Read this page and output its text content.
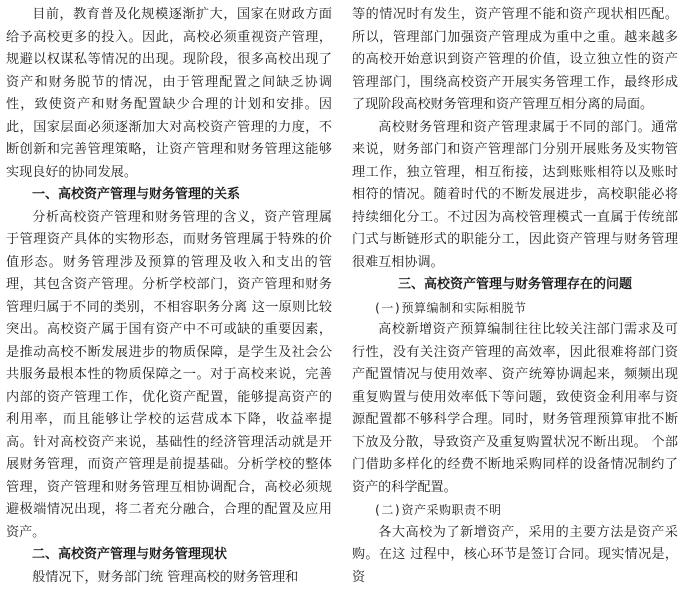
目前，教育普及化规模逐渐扩大，国家在财政方面给予高校更多的投入。因此，高校必须重视资产管理，规避以权谋私等情况的出现。现阶段，很多高校出现了资产和财务脱节的情况，由于管理配置之间缺乏协调性，致使资产和财务配置缺少合理的计划和安排。因此，国家层面必须逐渐加大对高校资产管理的力度，不断创新和完善管理策略，让资产管理和财务管理这能够实现良好的协同发展。

一、高校资产管理与财务管理的关系

分析高校资产管理和财务管理的含义，资产管理属于管理资产具体的实物形态，而财务管理属于特殊的价值形态。财务管理涉及预算的管理及收入和支出的管理，其包含资产管理。分析学校部门，资产管理和财务管理归属于不同的类别，不相容职务分离 这一原则比较突出。高校资产属于国有资产中不可或缺的重要因素，是推动高校不断发展进步的物质保障，是学生及社会公共服务最根本性的物质保障之一。对于高校来说，完善内部的资产管理工作，优化资产配置，能够提高资产的利用率，而且能够让学校的运营成本下降，收益率提高。针对高校资产来说，基础性的经济管理活动就是开展财务管理，而资产管理是前提基础。分析学校的整体管理，资产管理和财务管理互相协调配合，高校必须规避极端情况出现，将二者充分融合，合理的配置及应用资产。

二、高校资产管理与财务管理现状

般情况下，财务部门统 管理高校的财务管理和

等的情况时有发生，资产管理不能和资产现状相匹配。所以，管理部门加强资产管理成为重中之重。越来越多的高校开始意识到资产管理的价值，设立独立性的资产管理部门，围绕高校资产开展实务管理工作，最终形成了现阶段高校财务管理和资产管理互相分离的局面。

高校财务管理和资产管理隶属于不同的部门。通常来说，财务部门和资产管理部门分别开展账务及实物管理工作，独立管理，相互衔接，达到账账相符以及账时相符的情况。随着时代的不断发展进步，高校职能必将持续细化分工。不过因为高校管理模式一直属于传统部门式与断链形式的职能分工，因此资产管理与财务管理很难互相协调。

三、高校资产管理与财务管理存在的问题

(一)预算编制和实际相脱节

高校新增资产预算编制往往比较关注部门需求及可行性，没有关注资产管理的高效率，因此很难将部门资产配置情况与使用效率、资产统筹协调起来，频频出现重复购置与使用效率低下等问题，致使资金利用率与资源配置都不够科学合理。同时，财务管理预算审批不断下放及分散，导致资产及重复购置状况不断出现。 个部门借助多样化的经费不断地采购同样的设备情况制约了资产的科学配置。

(二)资产采购职责不明

各大高校为了新增资产，采用的主要方法是资产采购。在这 过程中，核心环节是签订合同。现实情况是，资
